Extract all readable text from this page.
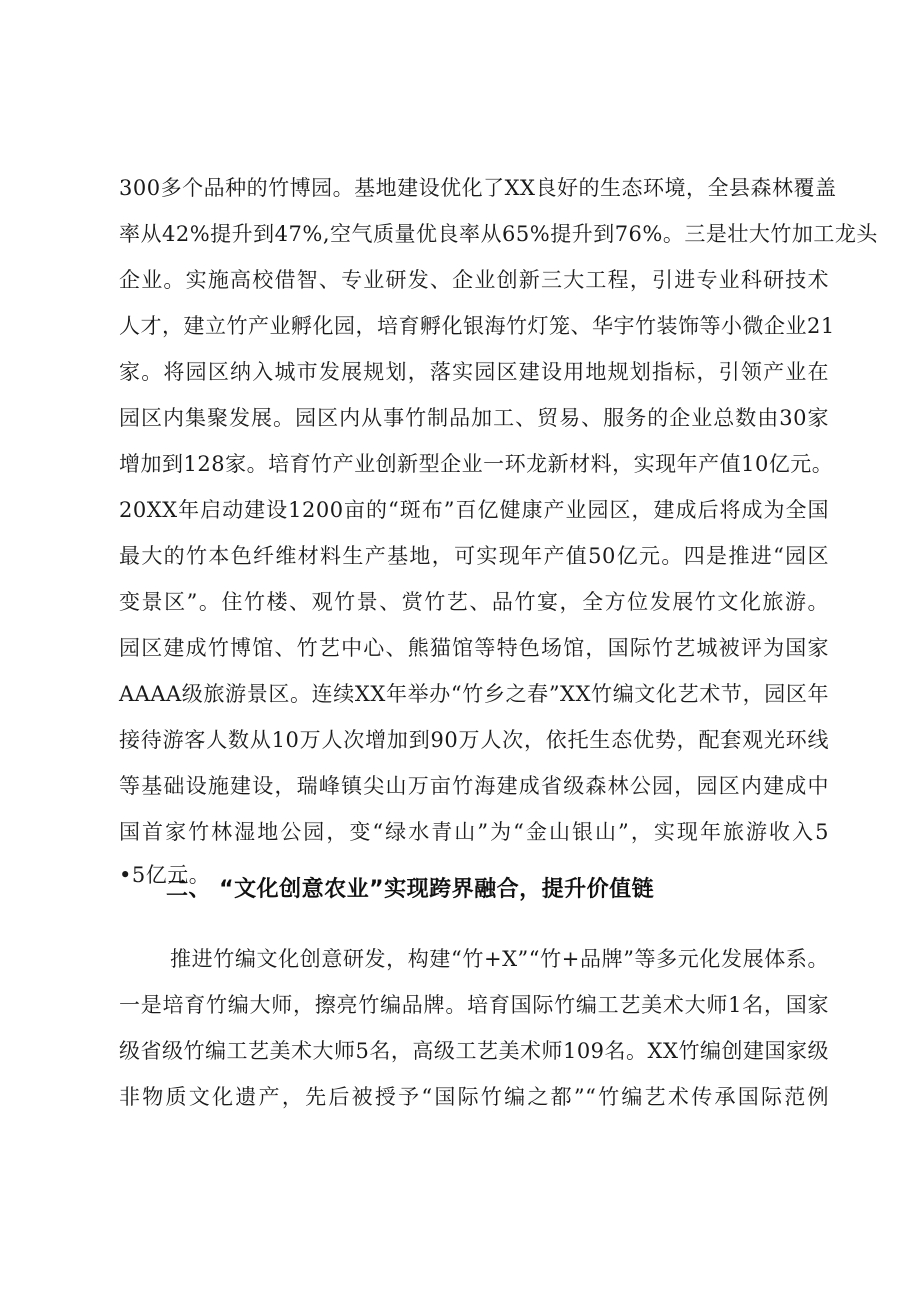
300多个品种的竹博园。基地建设优化了XX良好的生态环境，全县森林覆盖
率从42%提升到47%,空气质量优良率从65%提升到76%。三是壮大竹加工龙头
企业。实施高校借智、专业研发、企业创新三大工程，引进专业科研技术
人才，建立竹产业孵化园，培育孵化银海竹灯笼、华宇竹装饰等小微企业21
家。将园区纳入城市发展规划，落实园区建设用地规划指标，引领产业在
园区内集聚发展。园区内从事竹制品加工、贸易、服务的企业总数由30家
增加到128家。培育竹产业创新型企业一环龙新材料，实现年产值10亿元。
20XX年启动建设1200亩的“斑布”百亿健康产业园区，建成后将成为全国
最大的竹本色纤维材料生产基地，可实现年产值50亿元。四是推进“园区
变景区”。住竹楼、观竹景、赏竹艺、品竹宴，全方位发展竹文化旅游。
园区建成竹博馆、竹艺中心、熊猫馆等特色场馆，国际竹艺城被评为国家
AAAA级旅游景区。连续XX年举办“竹乡之春”XX竹编文化艺术节，园区年
接待游客人数从10万人次增加到90万人次，依托生态优势，配套观光环线
等基础设施建设，瑞峰镇尖山万亩竹海建成省级森林公园，园区内建成中
国首家竹林湿地公园，变“绿水青山”为“金山银山”，实现年旅游收入5
•5亿元。
二、 “文化创意农业”实现跨界融合，提升价值链
推进竹编文化创意研发，构建“竹+X”“竹+品牌”等多元化发展体系。
一是培育竹编大师，擦亮竹编品牌。培育国际竹编工艺美术大师1名，国家
级省级竹编工艺美术大师5名，高级工艺美术师109名。XX竹编创建国家级
非物质文化遗产，先后被授予“国际竹编之都”“竹编艺术传承国际范例
